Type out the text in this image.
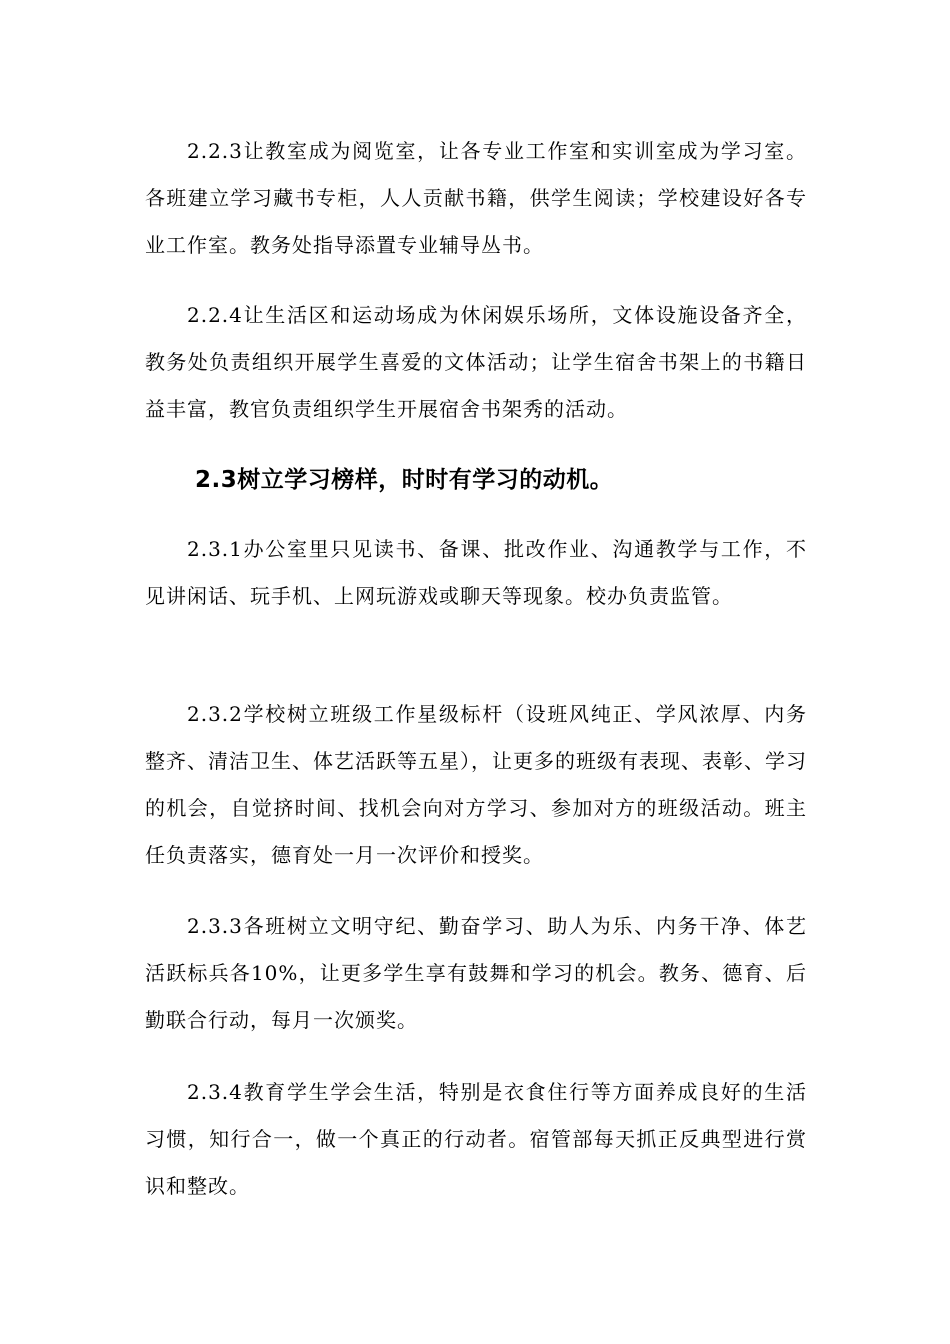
2.2.3让教室成为阅览室，让各专业工作室和实训室成为学习室。各班建立学习藏书专柜，人人贡献书籍，供学生阅读；学校建设好各专业工作室。教务处指导添置专业辅导丛书。

2.2.4让生活区和运动场成为休闲娱乐场所，文体设施设备齐全，教务处负责组织开展学生喜爱的文体活动；让学生宿舍书架上的书籍日益丰富，教官负责组织学生开展宿舍书架秀的活动。

2.3树立学习榜样，时时有学习的动机。

2.3.1办公室里只见读书、备课、批改作业、沟通教学与工作，不见讲闲话、玩手机、上网玩游戏或聊天等现象。校办负责监管。

2.3.2学校树立班级工作星级标杆（设班风纯正、学风浓厚、内务整齐、清洁卫生、体艺活跃等五星），让更多的班级有表现、表彰、学习的机会，自觉挤时间、找机会向对方学习、参加对方的班级活动。班主任负责落实，德育处一月一次评价和授奖。

2.3.3各班树立文明守纪、勤奋学习、助人为乐、内务干净、体艺活跃标兵各10%，让更多学生享有鼓舞和学习的机会。教务、德育、后勤联合行动，每月一次颁奖。

2.3.4教育学生学会生活，特别是衣食住行等方面养成良好的生活习惯，知行合一，做一个真正的行动者。宿管部每天抓正反典型进行赏识和整改。
